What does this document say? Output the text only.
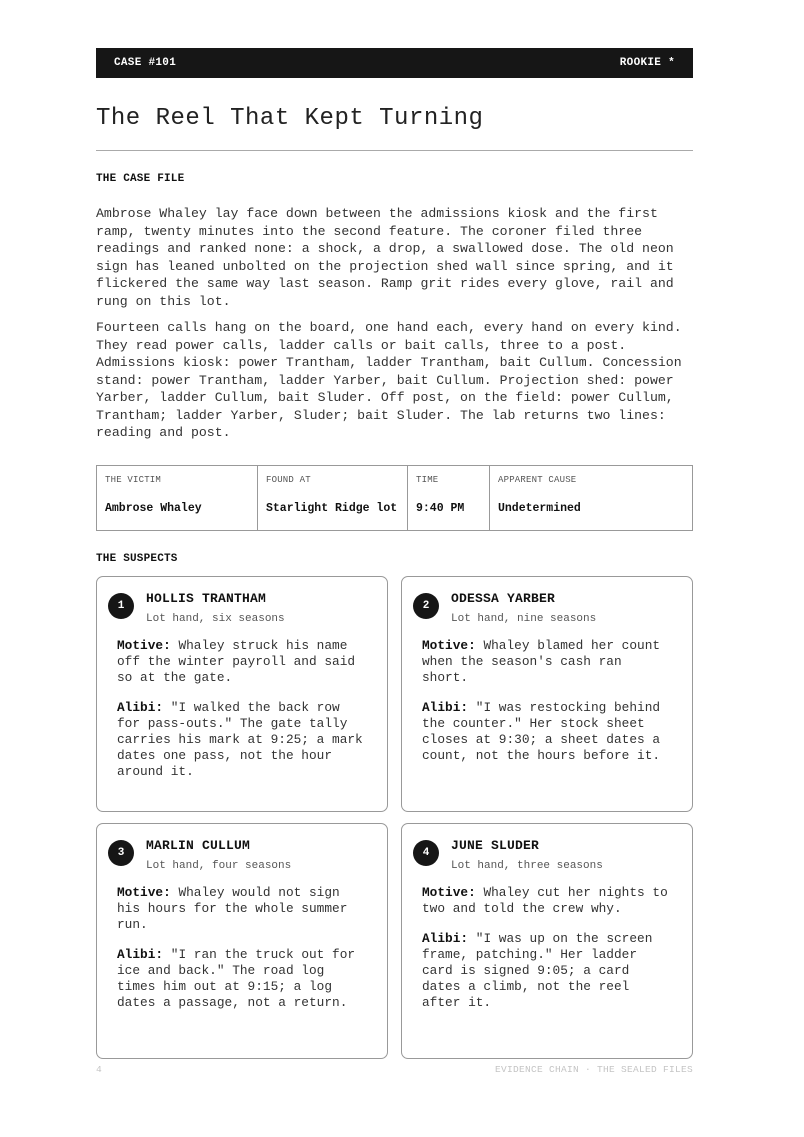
CASE #101	ROOKIE *
The Reel That Kept Turning
THE CASE FILE

Ambrose Whaley lay face down between the admissions kiosk and the first ramp, twenty minutes into the second feature. The coroner filed three readings and ranked none: a shock, a drop, a swallowed dose. The old neon sign has leaned unbolted on the projection shed wall since spring, and it flickered the same way last season. Ramp grit rides every glove, rail and rung on this lot.

Fourteen calls hang on the board, one hand each, every hand on every kind. They read power calls, ladder calls or bait calls, three to a post. Admissions kiosk: power Trantham, ladder Trantham, bait Cullum. Concession stand: power Trantham, ladder Yarber, bait Cullum. Projection shed: power Yarber, ladder Cullum, bait Sluder. Off post, on the field: power Cullum, Trantham; ladder Yarber, Sluder; bait Sluder. The lab returns two lines: reading and post.

THE VICTIM
Ambrose Whaley
FOUND AT
Starlight Ridge lot
TIME
9:40 PM
APPARENT CAUSE
Undetermined
THE SUSPECTS
1	HOLLIS TRANTHAM
Lot hand, six seasons
Motive: Whaley struck his name off the winter payroll and said so at the gate.
Alibi: "I walked the back row for pass-outs." The gate tally carries his mark at 9:25; a mark dates one pass, not the hour around it.
2	ODESSA YARBER
Lot hand, nine seasons
Motive: Whaley blamed her count when the season's cash ran short.
Alibi: "I was restocking behind the counter." Her stock sheet closes at 9:30; a sheet dates a count, not the hours before it.
3	MARLIN CULLUM
Lot hand, four seasons
Motive: Whaley would not sign his hours for the whole summer run.
Alibi: "I ran the truck out for ice and back." The road log times him out at 9:15; a log dates a passage, not a return.
4	JUNE SLUDER
Lot hand, three seasons
Motive: Whaley cut her nights to two and told the crew why.
Alibi: "I was up on the screen frame, patching." Her ladder card is signed 9:05; a card dates a climb, not the reel after it.
4	EVIDENCE CHAIN · THE SEALED FILES
